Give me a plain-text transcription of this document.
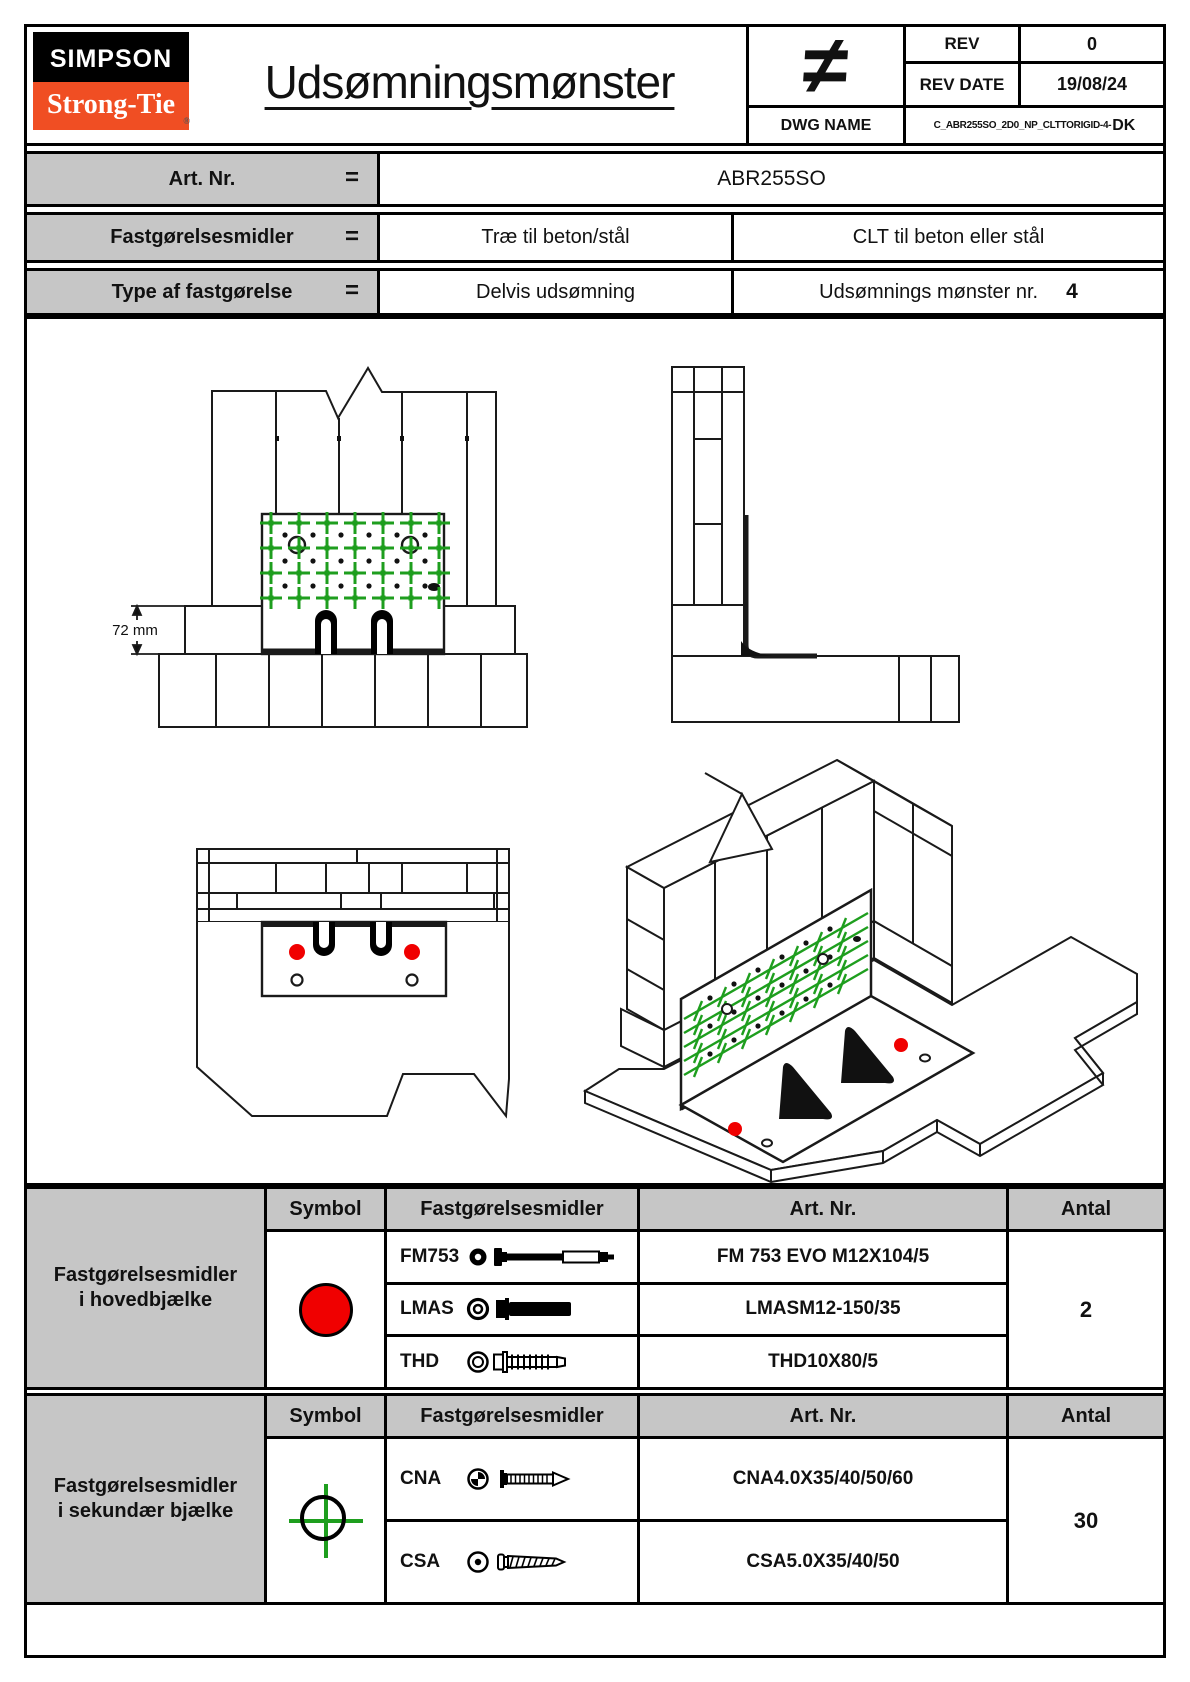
SIMPSON
Strong-Tie
®
Udsømningsmønster ≠	REV	0
REV DATE	19/08/24
DWG NAME	C_ABR255SO_2D0_NP_CLTTORIGID-4- DK
Art. Nr.	=	ABR255SO
Fastgørelsesmidler =	Træ til beton/stål	CLT til beton eller stål
Type af fastgørelse =	Delvis udsømning	Udsømnings mønster nr. 4
72 mm
Fastgørelsesmidler
i hovedbjælke
Symbol	Fastgørelsesmidler	Art. Nr.	Antal
FM753	FM 753 EVO M12X104/5
2
LMAS	LMASM12-150/35
THD	THD10X80/5
Fastgørelsesmidler
i sekundær bjælke
Symbol	Fastgørelsesmidler	Art. Nr.	Antal
CNA	CNA4.0X35/40/50/60
30
CSA	CSA5.0X35/40/50
